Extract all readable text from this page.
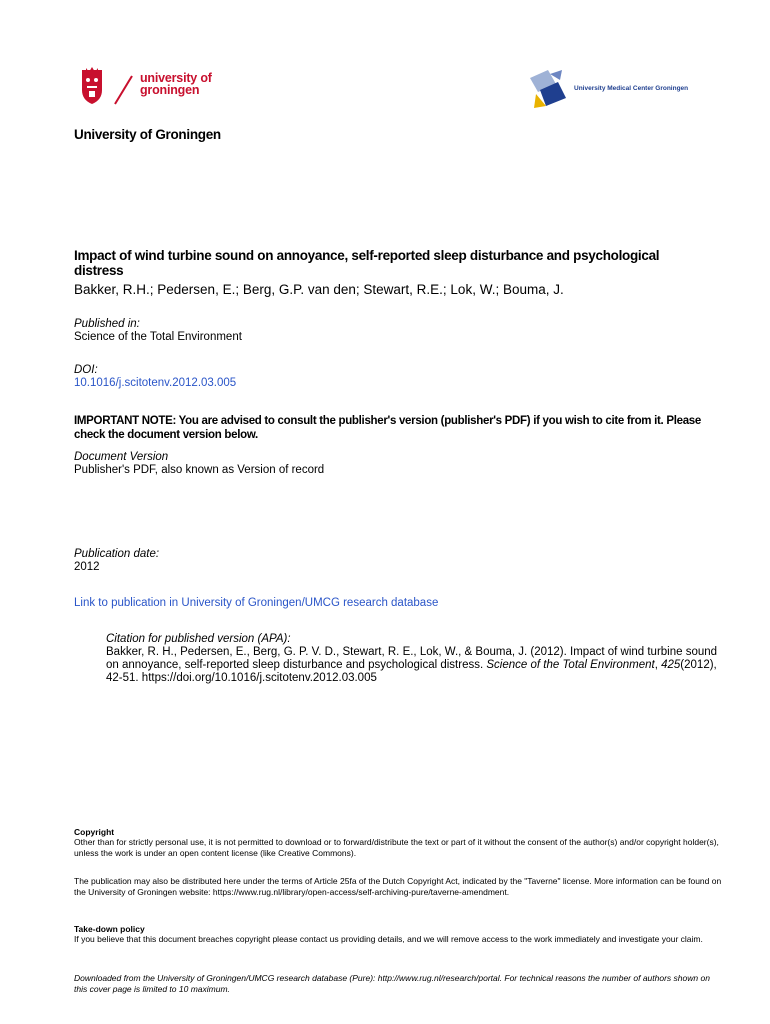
university of
groningen	University Medical Center Groningen
University of Groningen
Impact of wind turbine sound on annoyance, self-reported sleep disturbance and psychological distress
Bakker, R.H.; Pedersen, E.; Berg, G.P. van den; Stewart, R.E.; Lok, W.; Bouma, J.
Published in:
Science of the Total Environment
DOI:
10.1016/j.scitotenv.2012.03.005
IMPORTANT NOTE: You are advised to consult the publisher's version (publisher's PDF) if you wish to cite from it. Please check the document version below.
Document Version
Publisher's PDF, also known as Version of record
Publication date:
2012
Link to publication in University of Groningen/UMCG research database
Citation for published version (APA):
Bakker, R. H., Pedersen, E., Berg, G. P. V. D., Stewart, R. E., Lok, W., & Bouma, J. (2012). Impact of wind turbine sound on annoyance, self-reported sleep disturbance and psychological distress. Science of the Total Environment, 425(2012), 42-51. https://doi.org/10.1016/j.scitotenv.2012.03.005
Copyright
Other than for strictly personal use, it is not permitted to download or to forward/distribute the text or part of it without the consent of the author(s) and/or copyright holder(s), unless the work is under an open content license (like Creative Commons).
The publication may also be distributed here under the terms of Article 25fa of the Dutch Copyright Act, indicated by the "Taverne" license. More information can be found on the University of Groningen website: https://www.rug.nl/library/open-access/self-archiving-pure/taverne-amendment.
Take-down policy
If you believe that this document breaches copyright please contact us providing details, and we will remove access to the work immediately and investigate your claim.
Downloaded from the University of Groningen/UMCG research database (Pure): http://www.rug.nl/research/portal. For technical reasons the number of authors shown on this cover page is limited to 10 maximum.
